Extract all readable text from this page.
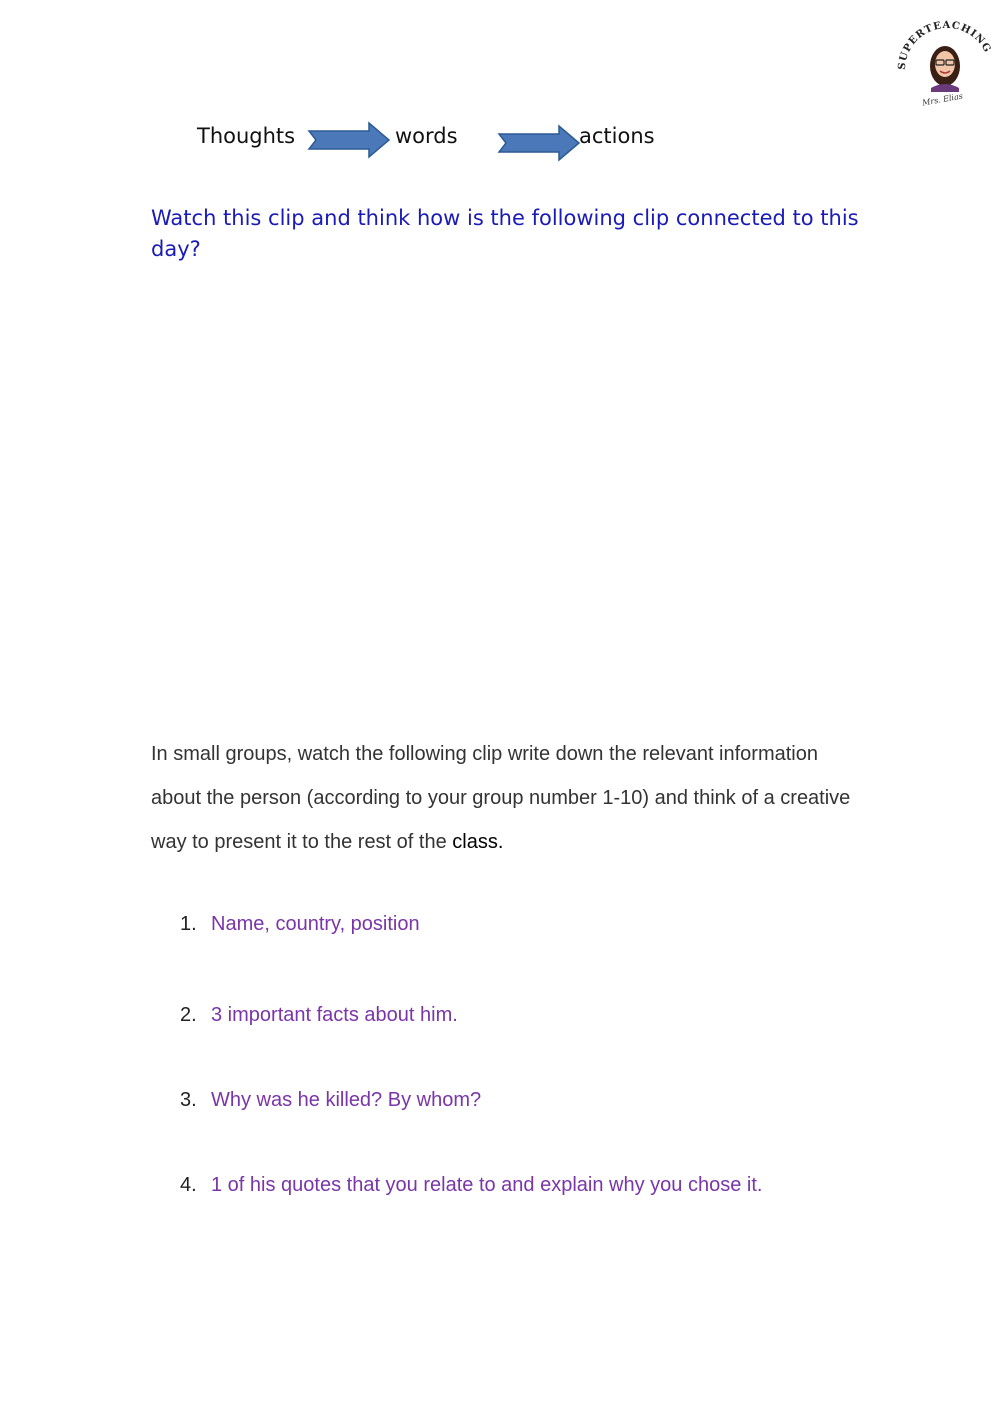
SUPERTEACHING
Mrs. Elias
Thoughts	words	actions
Watch this clip and think how is the following clip connected to this day?
In small groups, watch the following clip write down the relevant information about the person (according to your group number 1-10) and think of a creative way to present it to the rest of the class.
1. Name, country, position
2. 3 important facts about him.
3. Why was he killed? By whom?
4. 1 of his quotes that you relate to and explain why you chose it.
